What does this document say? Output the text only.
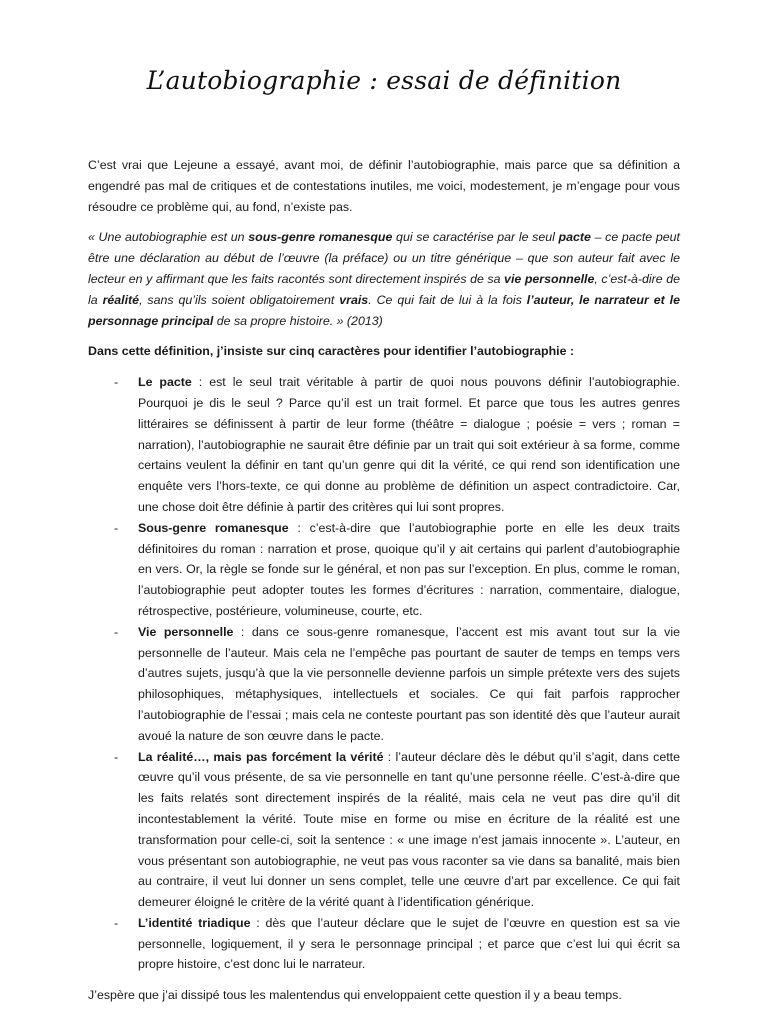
L’autobiographie : essai de définition

C’est vrai que Lejeune a essayé, avant moi, de définir l’autobiographie, mais parce que sa définition a engendré pas mal de critiques et de contestations inutiles, me voici, modestement, je m’engage pour vous résoudre ce problème qui, au fond, n’existe pas.

« Une autobiographie est un sous-genre romanesque qui se caractérise par le seul pacte – ce pacte peut être une déclaration au début de l’œuvre (la préface) ou un titre générique – que son auteur fait avec le lecteur en y affirmant que les faits racontés sont directement inspirés de sa vie personnelle, c’est-à-dire de la réalité, sans qu’ils soient obligatoirement vrais. Ce qui fait de lui à la fois l’auteur, le narrateur et le personnage principal de sa propre histoire. » (2013)

Dans cette définition, j’insiste sur cinq caractères pour identifier l’autobiographie :

- Le pacte : est le seul trait véritable à partir de quoi nous pouvons définir l’autobiographie. Pourquoi je dis le seul ? Parce qu’il est un trait formel. Et parce que tous les autres genres littéraires se définissent à partir de leur forme (théâtre = dialogue ; poésie = vers ; roman = narration), l’autobiographie ne saurait être définie par un trait qui soit extérieur à sa forme, comme certains veulent la définir en tant qu’un genre qui dit la vérité, ce qui rend son identification une enquête vers l’hors-texte, ce qui donne au problème de définition un aspect contradictoire. Car, une chose doit être définie à partir des critères qui lui sont propres.
- Sous-genre romanesque : c’est-à-dire que l’autobiographie porte en elle les deux traits définitoires du roman : narration et prose, quoique qu’il y ait certains qui parlent d’autobiographie en vers. Or, la règle se fonde sur le général, et non pas sur l’exception. En plus, comme le roman, l’autobiographie peut adopter toutes les formes d’écritures : narration, commentaire, dialogue, rétrospective, postérieure, volumineuse, courte, etc.
- Vie personnelle : dans ce sous-genre romanesque, l’accent est mis avant tout sur la vie personnelle de l’auteur. Mais cela ne l’empêche pas pourtant de sauter de temps en temps vers d’autres sujets, jusqu’à que la vie personnelle devienne parfois un simple prétexte vers des sujets philosophiques, métaphysiques, intellectuels et sociales. Ce qui fait parfois rapprocher l’autobiographie de l’essai ; mais cela ne conteste pourtant pas son identité dès que l’auteur aurait avoué la nature de son œuvre dans le pacte.
- La réalité…, mais pas forcément la vérité : l’auteur déclare dès le début qu’il s’agit, dans cette œuvre qu’il vous présente, de sa vie personnelle en tant qu’une personne réelle. C’est-à-dire que les faits relatés sont directement inspirés de la réalité, mais cela ne veut pas dire qu’il dit incontestablement la vérité. Toute mise en forme ou mise en écriture de la réalité est une transformation pour celle-ci, soit la sentence : « une image n’est jamais innocente ». L’auteur, en vous présentant son autobiographie, ne veut pas vous raconter sa vie dans sa banalité, mais bien au contraire, il veut lui donner un sens complet, telle une œuvre d’art par excellence. Ce qui fait demeurer éloigné le critère de la vérité quant à l’identification générique.
- L’identité triadique : dès que l’auteur déclare que le sujet de l’œuvre en question est sa vie personnelle, logiquement, il y sera le personnage principal ; et parce que c’est lui qui écrit sa propre histoire, c’est donc lui le narrateur.

J’espère que j’ai dissipé tous les malentendus qui enveloppaient cette question il y a beau temps.
